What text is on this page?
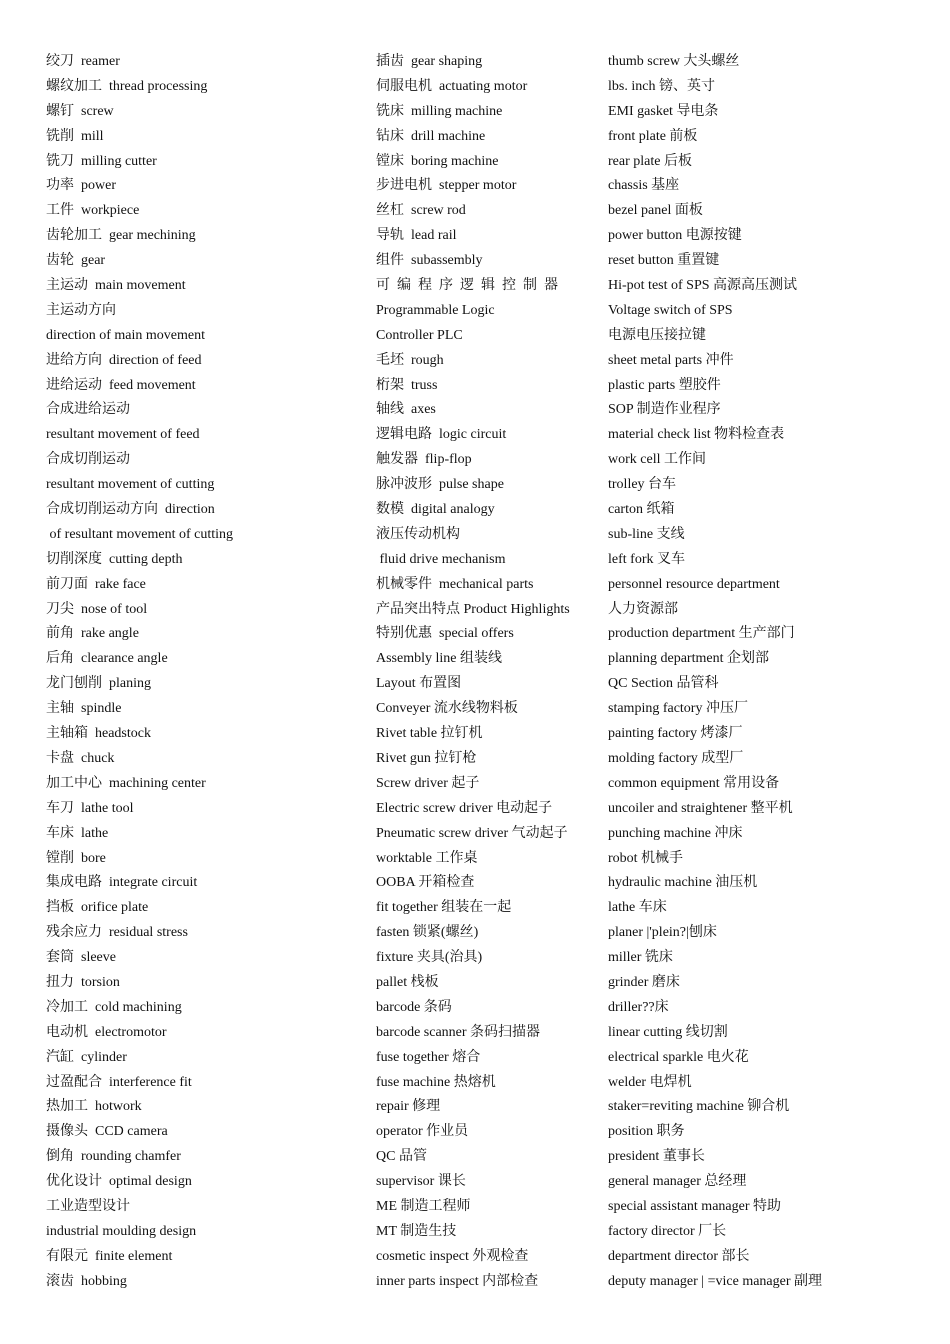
绞刀  reamer
螺纹加工  thread processing
螺钉  screw
铣削  mill
铣刀  milling cutter
功率  power
工件  workpiece
齿轮加工  gear mechining
齿轮  gear
主运动  main movement
主运动方向
direction of main movement
进给方向  direction of feed
进给运动  feed movement
合成进给运动
resultant movement of feed
合成切削运动
resultant movement of cutting
合成切削运动方向  direction
of resultant movement of cutting
切削深度  cutting depth
前刀面  rake face
刀尖  nose of tool
前角  rake angle
后角  clearance angle
龙门刨削  planing
主轴  spindle
主轴箱  headstock
卡盘  chuck
加工中心  machining center
车刀  lathe tool
车床  lathe
镗削  bore
集成电路  integrate circuit
挡板  orifice plate
残余应力  residual stress
套筒  sleeve
扭力  torsion
冷加工  cold machining
电动机  electromotor
汽缸  cylinder
过盈配合  interference fit
热加工  hotwork
摄像头  CCD camera
倒角  rounding chamfer
优化设计  optimal design
工业造型设计
industrial moulding design
有限元  finite element
滚齿  hobbing
插齿  gear shaping
伺服电机  actuating motor
铣床  milling machine
钻床  drill machine
镗床  boring machine
步进电机  stepper motor
丝杠  screw rod
导轨  lead rail
组件  subassembly
可  编  程  序  逻  辑  控  制  器
Programmable Logic
Controller PLC
毛坯  rough
桁架  truss
轴线  axes
逻辑电路  logic circuit
触发器  flip-flop
脉冲波形  pulse shape
数模  digital analogy
液压传动机构
fluid drive mechanism
机械零件  mechanical parts
产品突出特点 Product Highlights
特别优惠  special offers
Assembly line 组装线
Layout 布置图
Conveyer 流水线物料板
Rivet table 拉钉机
Rivet gun 拉钉枪
Screw driver 起子
Electric screw driver 电动起子
Pneumatic screw driver 气动起子
worktable 工作桌
OOBA 开箱检查
fit together 组装在一起
fasten 锁紧(螺丝)
fixture 夹具(治具)
pallet 栈板
barcode 条码
barcode scanner 条码扫描器
fuse together 熔合
fuse machine 热熔机
repair 修理
operator 作业员
QC 品管
supervisor 课长
ME 制造工程师
MT 制造生技
cosmetic inspect 外观检查
inner parts inspect 内部检查
thumb screw 大头螺丝
lbs. inch 镑、英寸
EMI gasket 导电条
front plate 前板
rear plate 后板
chassis 基座
bezel panel 面板
power button 电源按键
reset button 重置键
Hi-pot test of SPS 高源高压测试
Voltage switch of SPS
电源电压接拉键
sheet metal parts 冲件
plastic parts 塑胶件
SOP 制造作业程序
material check list 物料检查表
work cell 工作间
trolley 台车
carton 纸箱
sub-line 支线
left fork 叉车
personnel resource department
人力资源部
production department 生产部门
planning department 企划部
QC Section 品管科
stamping factory 冲压厂
painting factory 烤漆厂
molding factory 成型厂
common equipment 常用设备
uncoiler and straightener 整平机
punching machine 冲床
robot 机械手
hydraulic machine 油压机
lathe 车床
planer |'plein?|刨床
miller 铣床
grinder 磨床
driller??床
linear cutting 线切割
electrical sparkle 电火花
welder 电焊机
staker=reviting machine 铆合机
position 职务
president 董事长
general manager 总经理
special assistant manager 特助
factory director 厂长
department director 部长
deputy manager | =vice manager 副理
